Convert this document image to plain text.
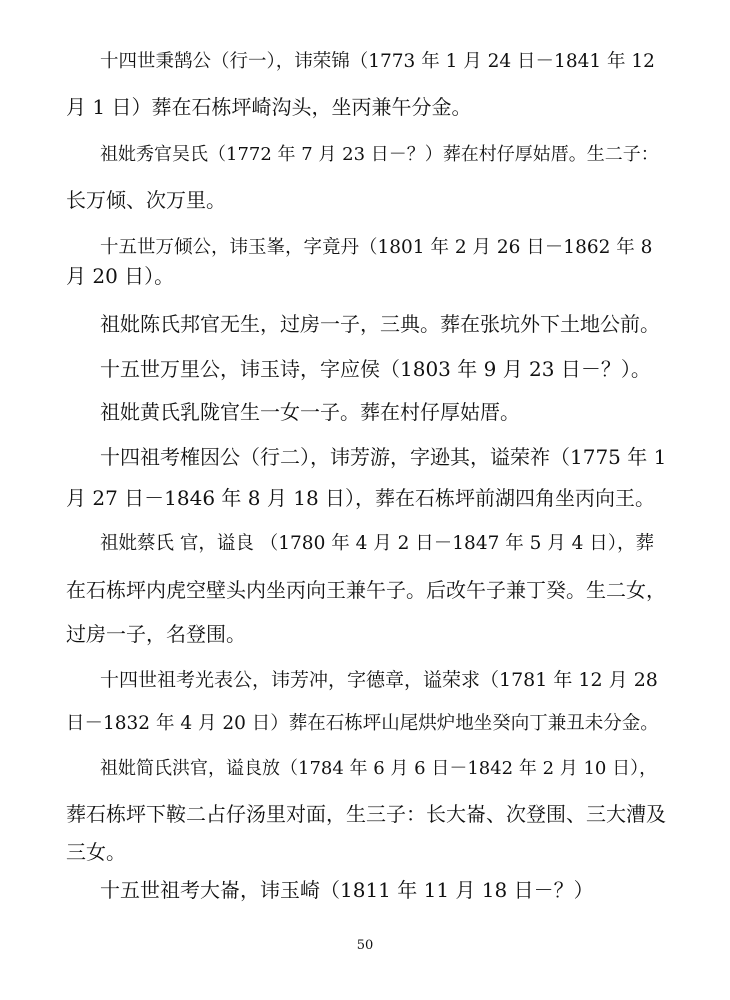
十四世秉鹄公（行一），讳荣锦（1773 年 1 月 24 日－1841 年 12
月 1 日）葬在石栋坪崎沟头，坐丙兼午分金。
祖妣秀官吴氏（1772 年 7 月 23 日－？）葬在村仔厚姑厝。生二子：
长万倾、次万里。
十五世万倾公，讳玉峯，字竟丹（1801 年 2 月 26 日－1862 年 8
月 20 日）。
祖妣陈氏邦官无生，过房一子，三典。葬在张坑外下土地公前。
十五世万里公，讳玉诗，字应侯（1803 年 9 月 23 日－？）。
祖妣黄氏乳陇官生一女一子。葬在村仔厚姑厝。
十四祖考榷因公（行二），讳芳游，字逊其，谥荣祚（1775 年 1
月 27 日－1846 年 8 月 18 日），葬在石栋坪前湖四角坐丙向王。
祖妣蔡氏 官，谥良 （1780 年 4 月 2 日－1847 年 5 月 4 日），葬
在石栋坪内虎空壁头内坐丙向王兼午子。后改午子兼丁癸。生二女，
过房一子，名登围。
十四世祖考光表公，讳芳冲，字德章，谥荣求（1781 年 12 月 28
日－1832 年 4 月 20 日）葬在石栋坪山尾烘炉地坐癸向丁兼丑未分金。
祖妣简氏洪官，谥良放（1784 年 6 月 6 日－1842 年 2 月 10 日），
葬石栋坪下鞍二占仔汤里对面，生三子：长大崙、次登围、三大漕及
三女。
十五世祖考大崙，讳玉崎（1811 年 11 月 18 日－？）
50
